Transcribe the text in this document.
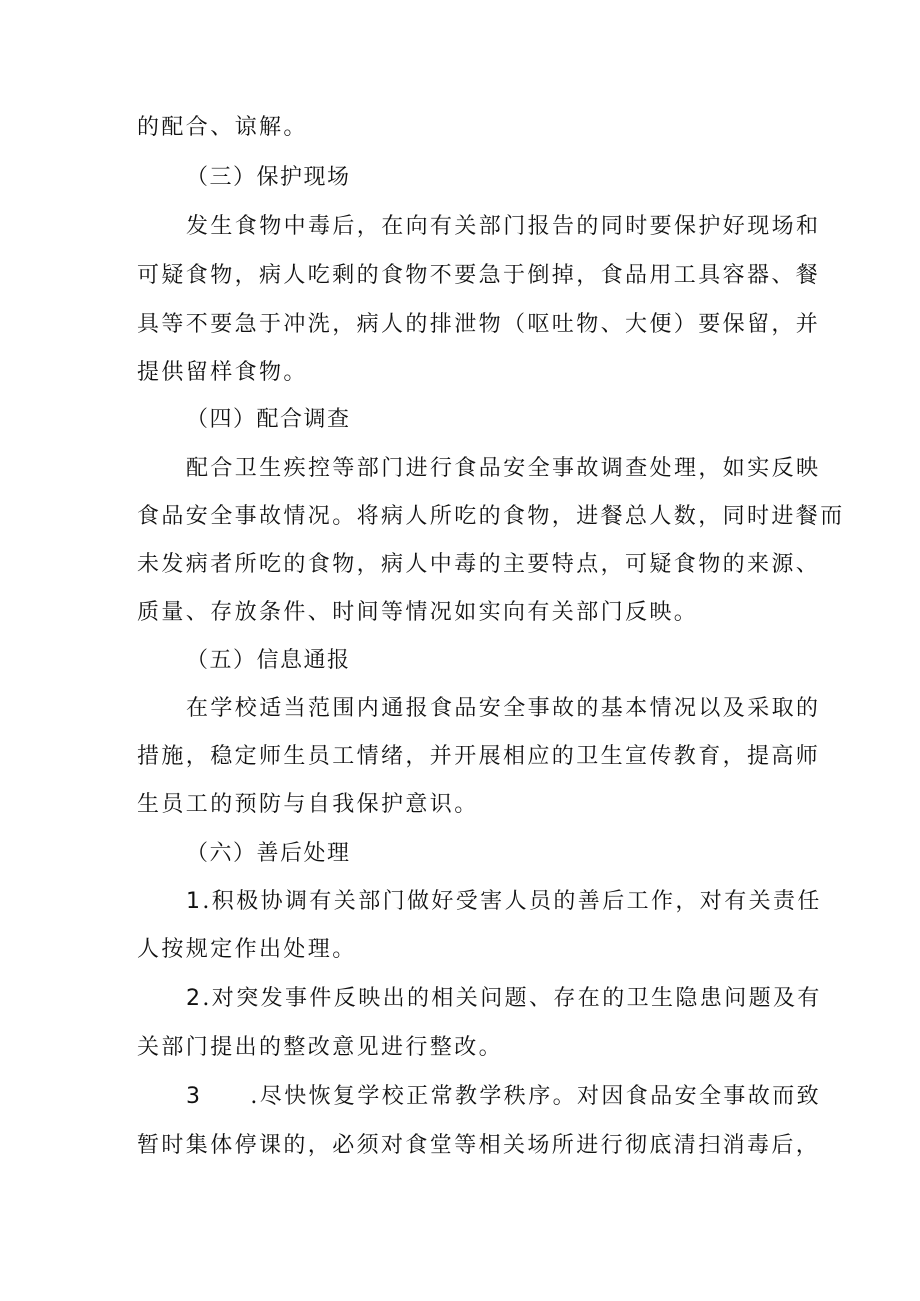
的配合、谅解。
（三）保护现场
发生食物中毒后，在向有关部门报告的同时要保护好现场和
可疑食物，病人吃剩的食物不要急于倒掉，食品用工具容器、餐
具等不要急于冲洗，病人的排泄物（呕吐物、大便）要保留，并
提供留样食物。
（四）配合调查
配合卫生疾控等部门进行食品安全事故调查处理，如实反映
食品安全事故情况。将病人所吃的食物，进餐总人数，同时进餐而
未发病者所吃的食物，病人中毒的主要特点，可疑食物的来源、
质量、存放条件、时间等情况如实向有关部门反映。
（五）信息通报
在学校适当范围内通报食品安全事故的基本情况以及采取的
措施，稳定师生员工情绪，并开展相应的卫生宣传教育，提高师
生员工的预防与自我保护意识。
（六）善后处理
1.积极协调有关部门做好受害人员的善后工作，对有关责任
人按规定作出处理。
2.对突发事件反映出的相关问题、存在的卫生隐患问题及有
关部门提出的整改意见进行整改。
3 .尽快恢复学校正常教学秩序。对因食品安全事故而致
暂时集体停课的，必须对食堂等相关场所进行彻底清扫消毒后，
